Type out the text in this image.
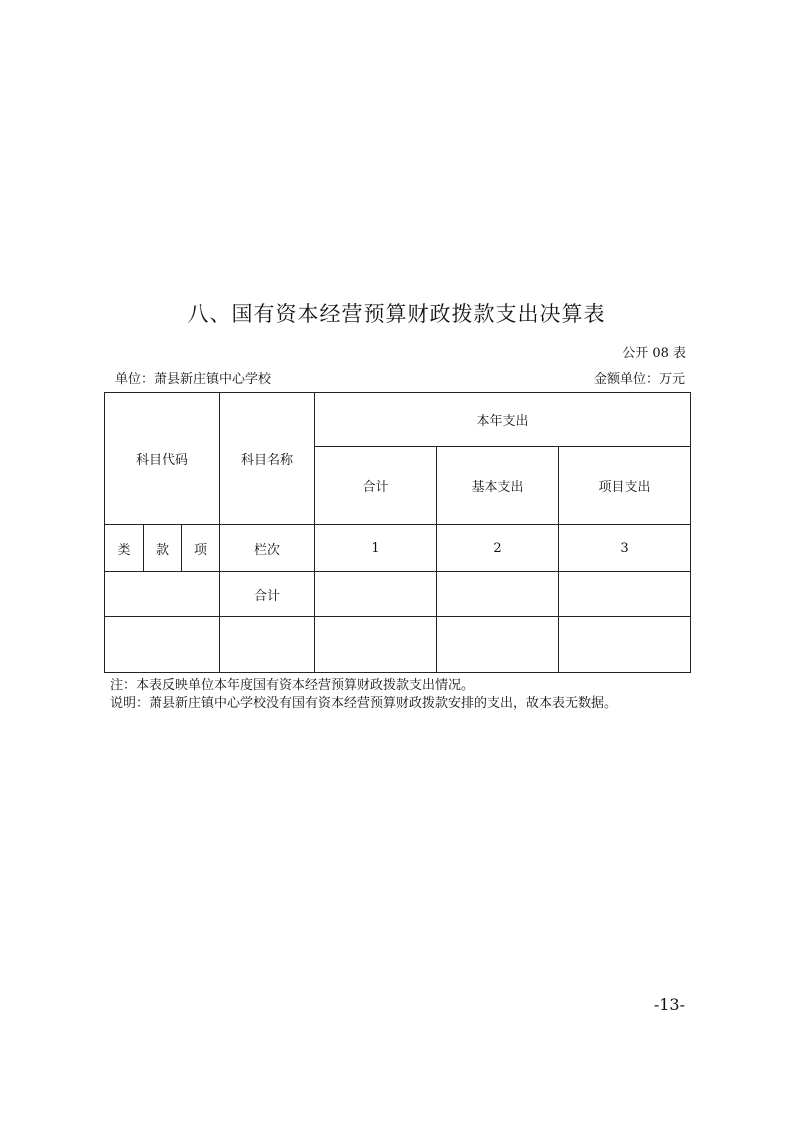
八、国有资本经营预算财政拨款支出决算表
公开 08 表
单位：萧县新庄镇中心学校	金额单位：万元
科目代码			科目名称	本年支出		
				合计	基本支出	项目支出
类	款	项	栏次	1	2	3
			合计			

注：本表反映单位本年度国有资本经营预算财政拨款支出情况。
说明：萧县新庄镇中心学校没有国有资本经营预算财政拨款安排的支出，故本表无数据。
-13-
